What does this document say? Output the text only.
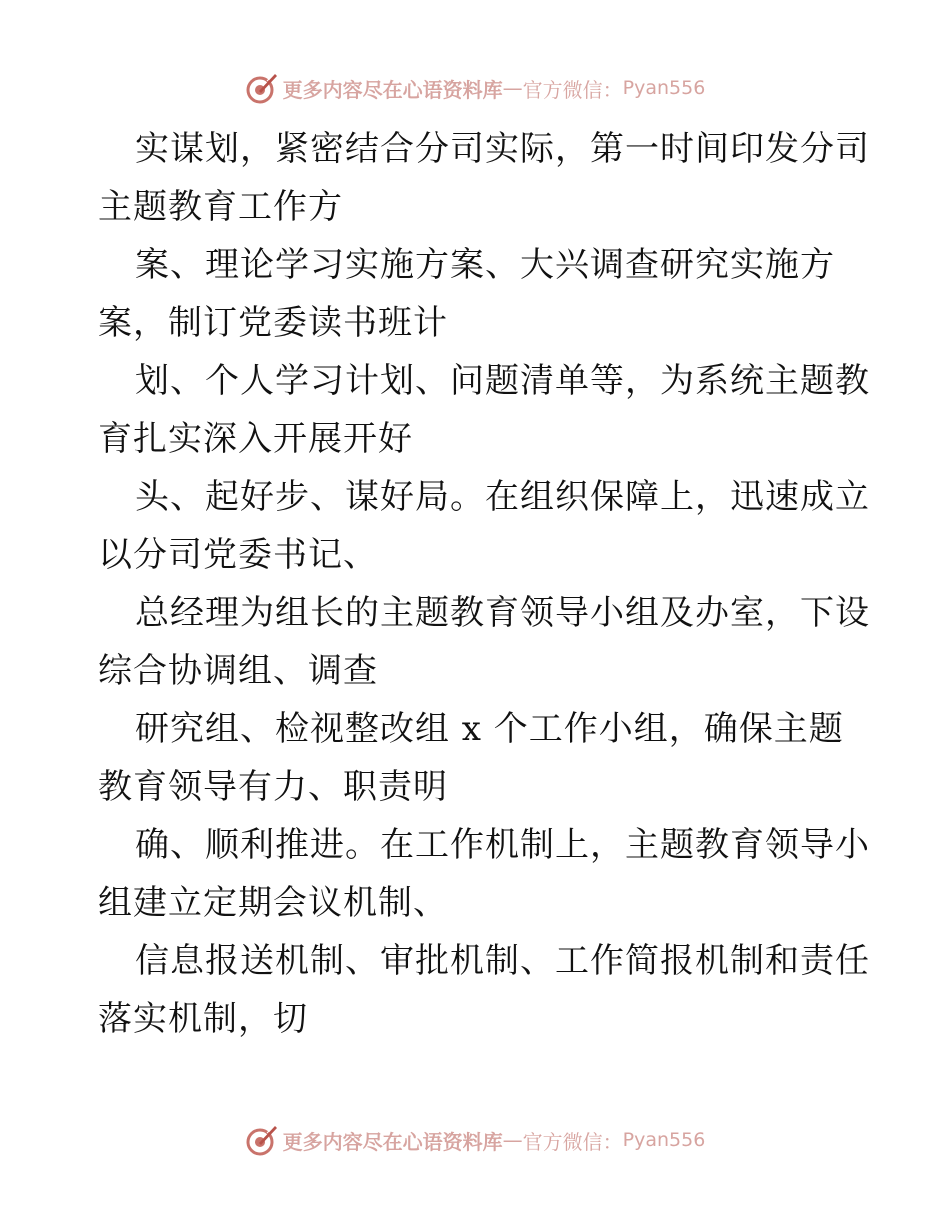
更多内容尽在心语资料库 — 官方微信： Pyan556
实谋划，紧密结合分司实际，第一时间印发分司
主题教育工作方
案、理论学习实施方案、大兴调查研究实施方
案，制订党委读书班计
划、个人学习计划、问题清单等，为系统主题教
育扎实深入开展开好
头、起好步、谋好局。在组织保障上，迅速成立
以分司党委书记、
总经理为组长的主题教育领导小组及办室，下设
综合协调组、调查
研究组、检视整改组 x 个工作小组，确保主题
教育领导有力、职责明
确、顺利推进。在工作机制上，主题教育领导小
组建立定期会议机制、
信息报送机制、审批机制、工作简报机制和责任
落实机制，切
更多内容尽在心语资料库 — 官方微信： Pyan556
